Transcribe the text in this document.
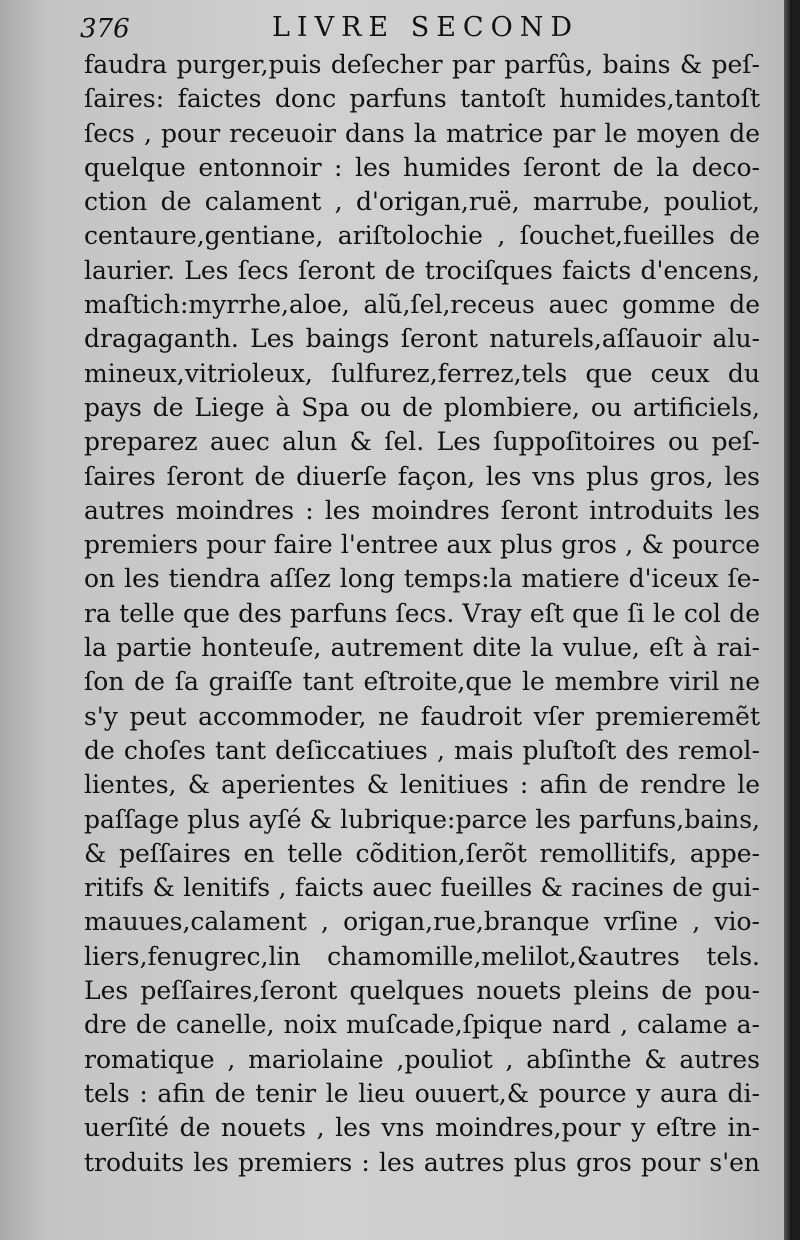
376	LIVRE SECOND
faudra purger,puis deſecher par parfûs, bains & peſ-
ſaires: faictes donc parfuns tantoſt humides,tantoſt
ſecs , pour receuoir dans la matrice par le moyen de
quelque entonnoir : les humides ſeront de la deco-
ction de calament , d'origan,ruë, marrube, pouliot,
centaure,gentiane, ariſtolochie , ſouchet,fueilles de
laurier. Les ſecs ſeront de trociſques faicts d'encens,
maſtich:myrrhe,aloe, alũ,ſel,receus auec gomme de
dragaganth. Les baings ſeront naturels,aſſauoir alu-
mineux,vitrioleux, ſulfurez,ferrez,tels que ceux du
pays de Liege à Spa ou de plombiere, ou artificiels,
preparez auec alun & ſel. Les ſuppoſitoires ou peſ-
ſaires ſeront de diuerſe façon, les vns plus gros, les
autres moindres : les moindres ſeront introduits les
premiers pour faire l'entree aux plus gros , & pource
on les tiendra aſſez long temps:la matiere d'iceux ſe-
ra telle que des parfuns ſecs. Vray eſt que ſi le col de
la partie honteuſe, autrement dite la vulue, eſt à rai-
ſon de ſa graiſſe tant eſtroite,que le membre viril ne
s'y peut accommoder, ne faudroit vſer premieremẽt
de choſes tant deſiccatiues , mais pluſtoſt des remol-
lientes, & aperientes & lenitiues : afin de rendre le
paſſage plus ayſé & lubrique:parce les parfuns,bains,
& peſſaires en telle cõdition,ſerõt remollitifs, appe-
ritifs & lenitifs , faicts auec fueilles & racines de gui-
mauues,calament , origan,rue,branque vrſine , vio-
liers,fenugrec,lin chamomille,melilot,&autres tels.
Les peſſaires,ſeront quelques nouets pleins de pou-
dre de canelle, noix muſcade,ſpique nard , calame a-
romatique , mariolaine ,pouliot , abſinthe & autres
tels : afin de tenir le lieu ouuert,& pource y aura di-
uerſité de nouets , les vns moindres,pour y eſtre in-
troduits les premiers : les autres plus gros pour s'en
